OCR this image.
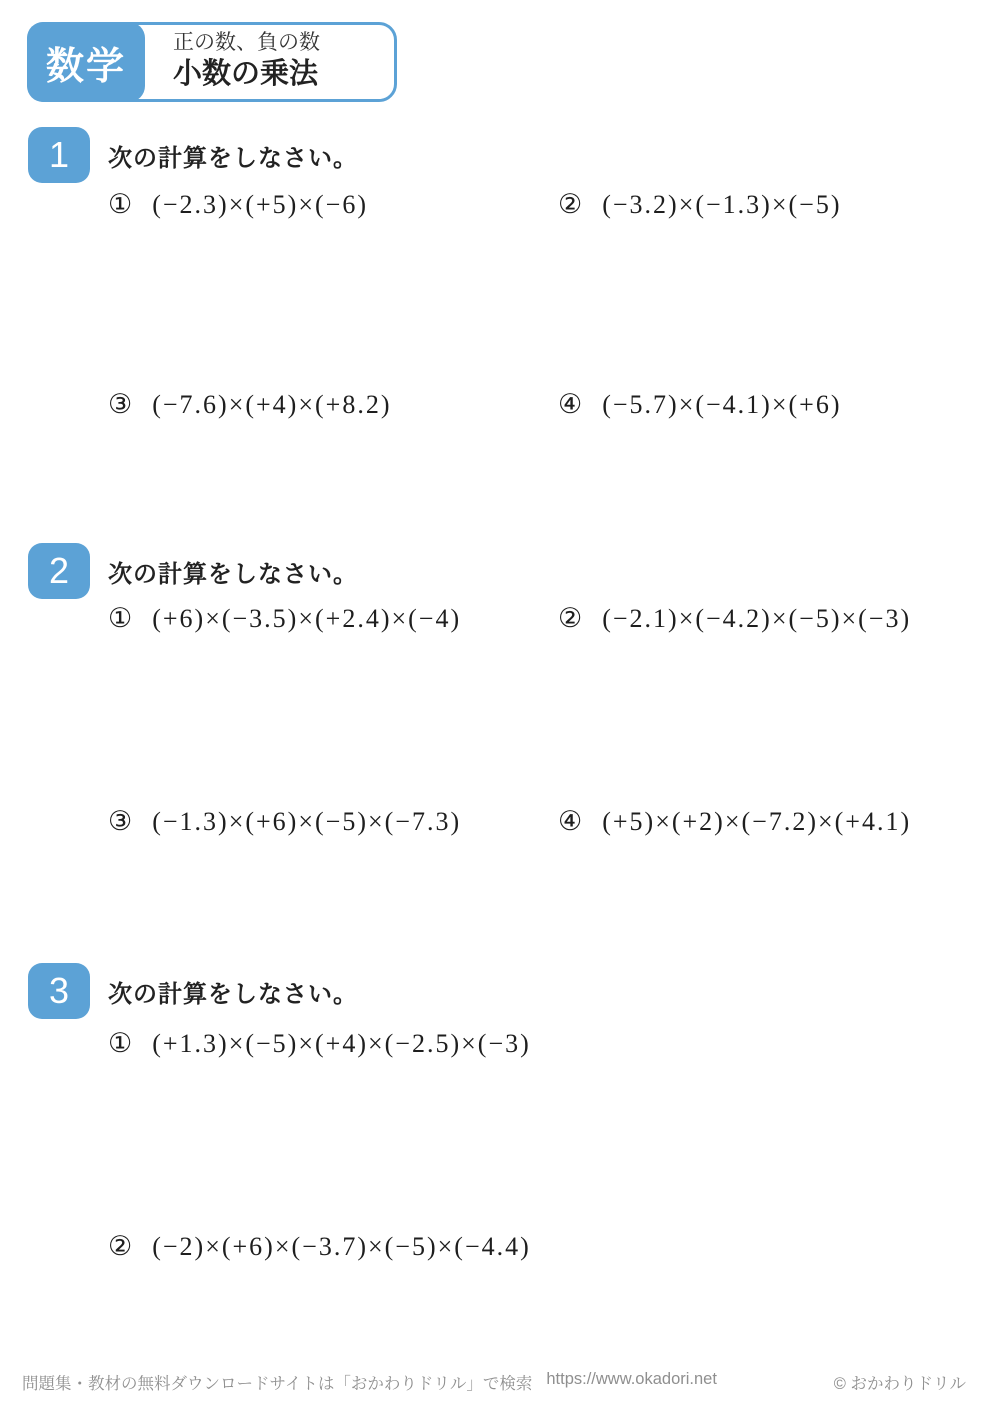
数学
正の数、負の数
小数の乗法
1 次の計算をしなさい。
① (−2.3)×(+5)×(−6)	② (−3.2)×(−1.3)×(−5)
③ (−7.6)×(+4)×(+8.2)	④ (−5.7)×(−4.1)×(+6)
2 次の計算をしなさい。
① (+6)×(−3.5)×(+2.4)×(−4)	② (−2.1)×(−4.2)×(−5)×(−3)
③ (−1.3)×(+6)×(−5)×(−7.3)	④ (+5)×(+2)×(−7.2)×(+4.1)
3 次の計算をしなさい。
① (+1.3)×(−5)×(+4)×(−2.5)×(−3)
② (−2)×(+6)×(−3.7)×(−5)×(−4.4)
問題集・教材の無料ダウンロードサイトは「おかわりドリル」で検索 https://www.okadori.net	© おかわりドリル
